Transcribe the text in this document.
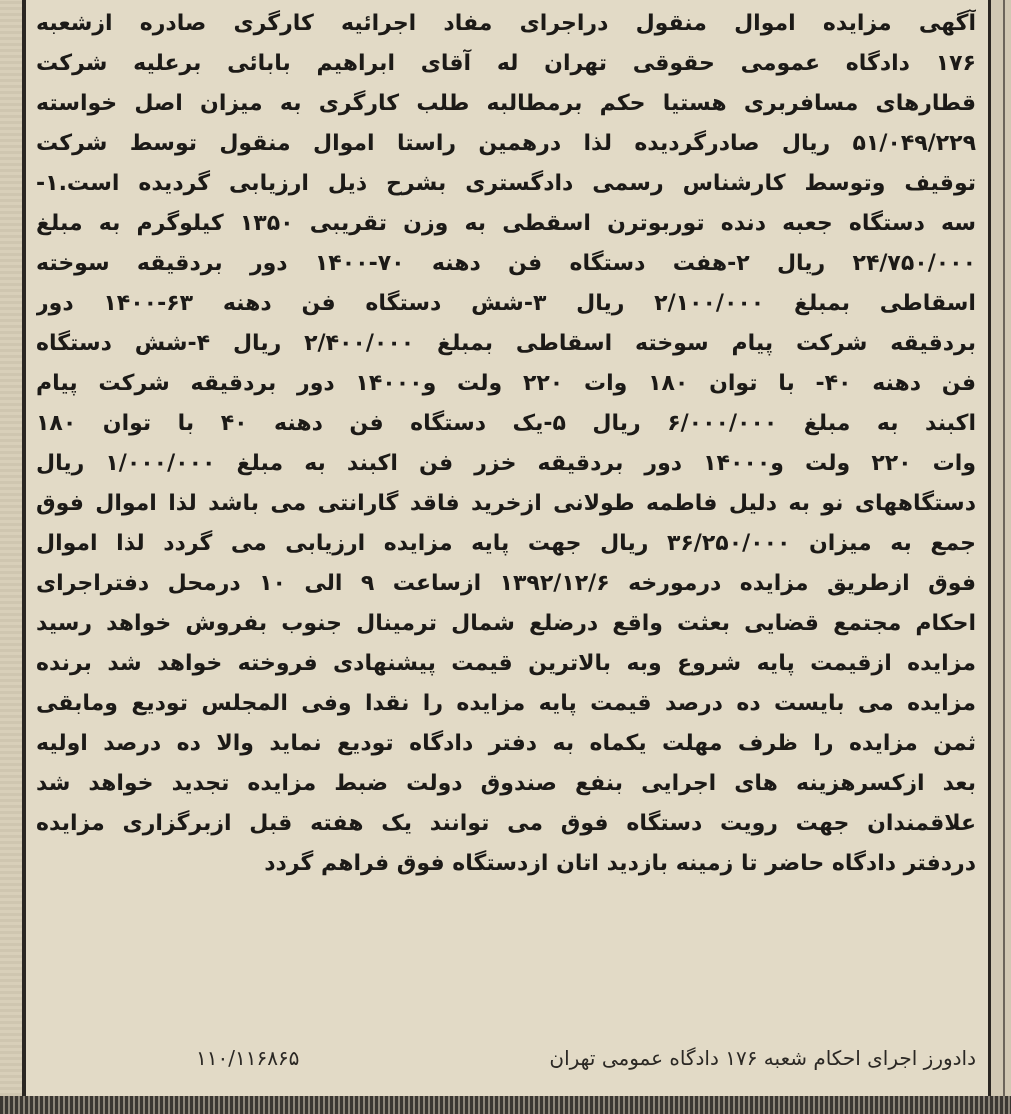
آگهی مزایده اموال منقول دراجرای مفاد اجرائیه کارگری صادره ازشعبه
۱۷۶ دادگاه عمومی حقوقی تهران له آقای ابراهیم بابائی برعلیه شرکت
قطارهای مسافربری هستیا حکم برمطالبه طلب کارگری به میزان اصل خواسته
۵۱/۰۴۹/۲۲۹ ریال صادرگردیده لذا درهمین راستا اموال منقول توسط شرکت
توقیف وتوسط کارشناس رسمی دادگستری بشرح ذیل ارزیابی گردیده است.۱-
سه دستگاه جعبه دنده توربوترن اسقطی به وزن تقریبی ۱۳۵۰ کیلوگرم به مبلغ
۲۴/۷۵۰/۰۰۰ ریال ۲-هفت دستگاه فن دهنه ۷۰-۱۴۰۰ دور بردقیقه سوخته
اسقاطی بمبلغ ۲/۱۰۰/۰۰۰ ریال ۳-شش دستگاه فن دهنه ۶۳-۱۴۰۰ دور
بردقیقه شرکت پیام سوخته اسقاطی بمبلغ ۲/۴۰۰/۰۰۰ ریال ۴-شش دستگاه
فن دهنه ۴۰- با توان ۱۸۰ وات ۲۲۰ ولت و۱۴۰۰۰ دور بردقیقه شرکت پیام
اکبند به مبلغ ۶/۰۰۰/۰۰۰ ریال ۵-یک دستگاه فن دهنه ۴۰ با توان ۱۸۰
وات ۲۲۰ ولت و۱۴۰۰۰ دور بردقیقه خزر فن اکبند به مبلغ ۱/۰۰۰/۰۰۰ ریال
دستگاههای نو به دلیل فاطمه طولانی ازخرید فاقد گارانتی می باشد لذا اموال فوق
جمع به میزان ۳۶/۲۵۰/۰۰۰ ریال جهت پایه مزایده ارزیابی می گردد لذا اموال
فوق ازطریق مزایده درمورخه ۱۳۹۲/۱۲/۶ ازساعت ۹ الی ۱۰ درمحل دفتراجرای
احکام مجتمع قضایی بعثت واقع درضلع شمال ترمینال جنوب بفروش خواهد رسید
مزایده ازقیمت پایه شروع وبه بالاترین قیمت پیشنهادی فروخته خواهد شد برنده
مزایده می بایست ده درصد قیمت پایه مزایده را نقدا وفی المجلس تودیع ومابقی
ثمن مزایده را ظرف مهلت یکماه به دفتر دادگاه تودیع نماید والا ده درصد اولیه
بعد ازکسرهزینه های اجرایی بنفع صندوق دولت ضبط مزایده تجدید خواهد شد
علاقمندان جهت رویت دستگاه فوق می توانند یک هفته قبل ازبرگزاری مزایده
دردفتر دادگاه حاضر تا زمینه بازدید اتان ازدستگاه فوق فراهم گردد
دادورز اجرای احکام شعبه ۱۷۶ دادگاه عمومی تهران
۱۱۰/۱۱۶۸۶۵
